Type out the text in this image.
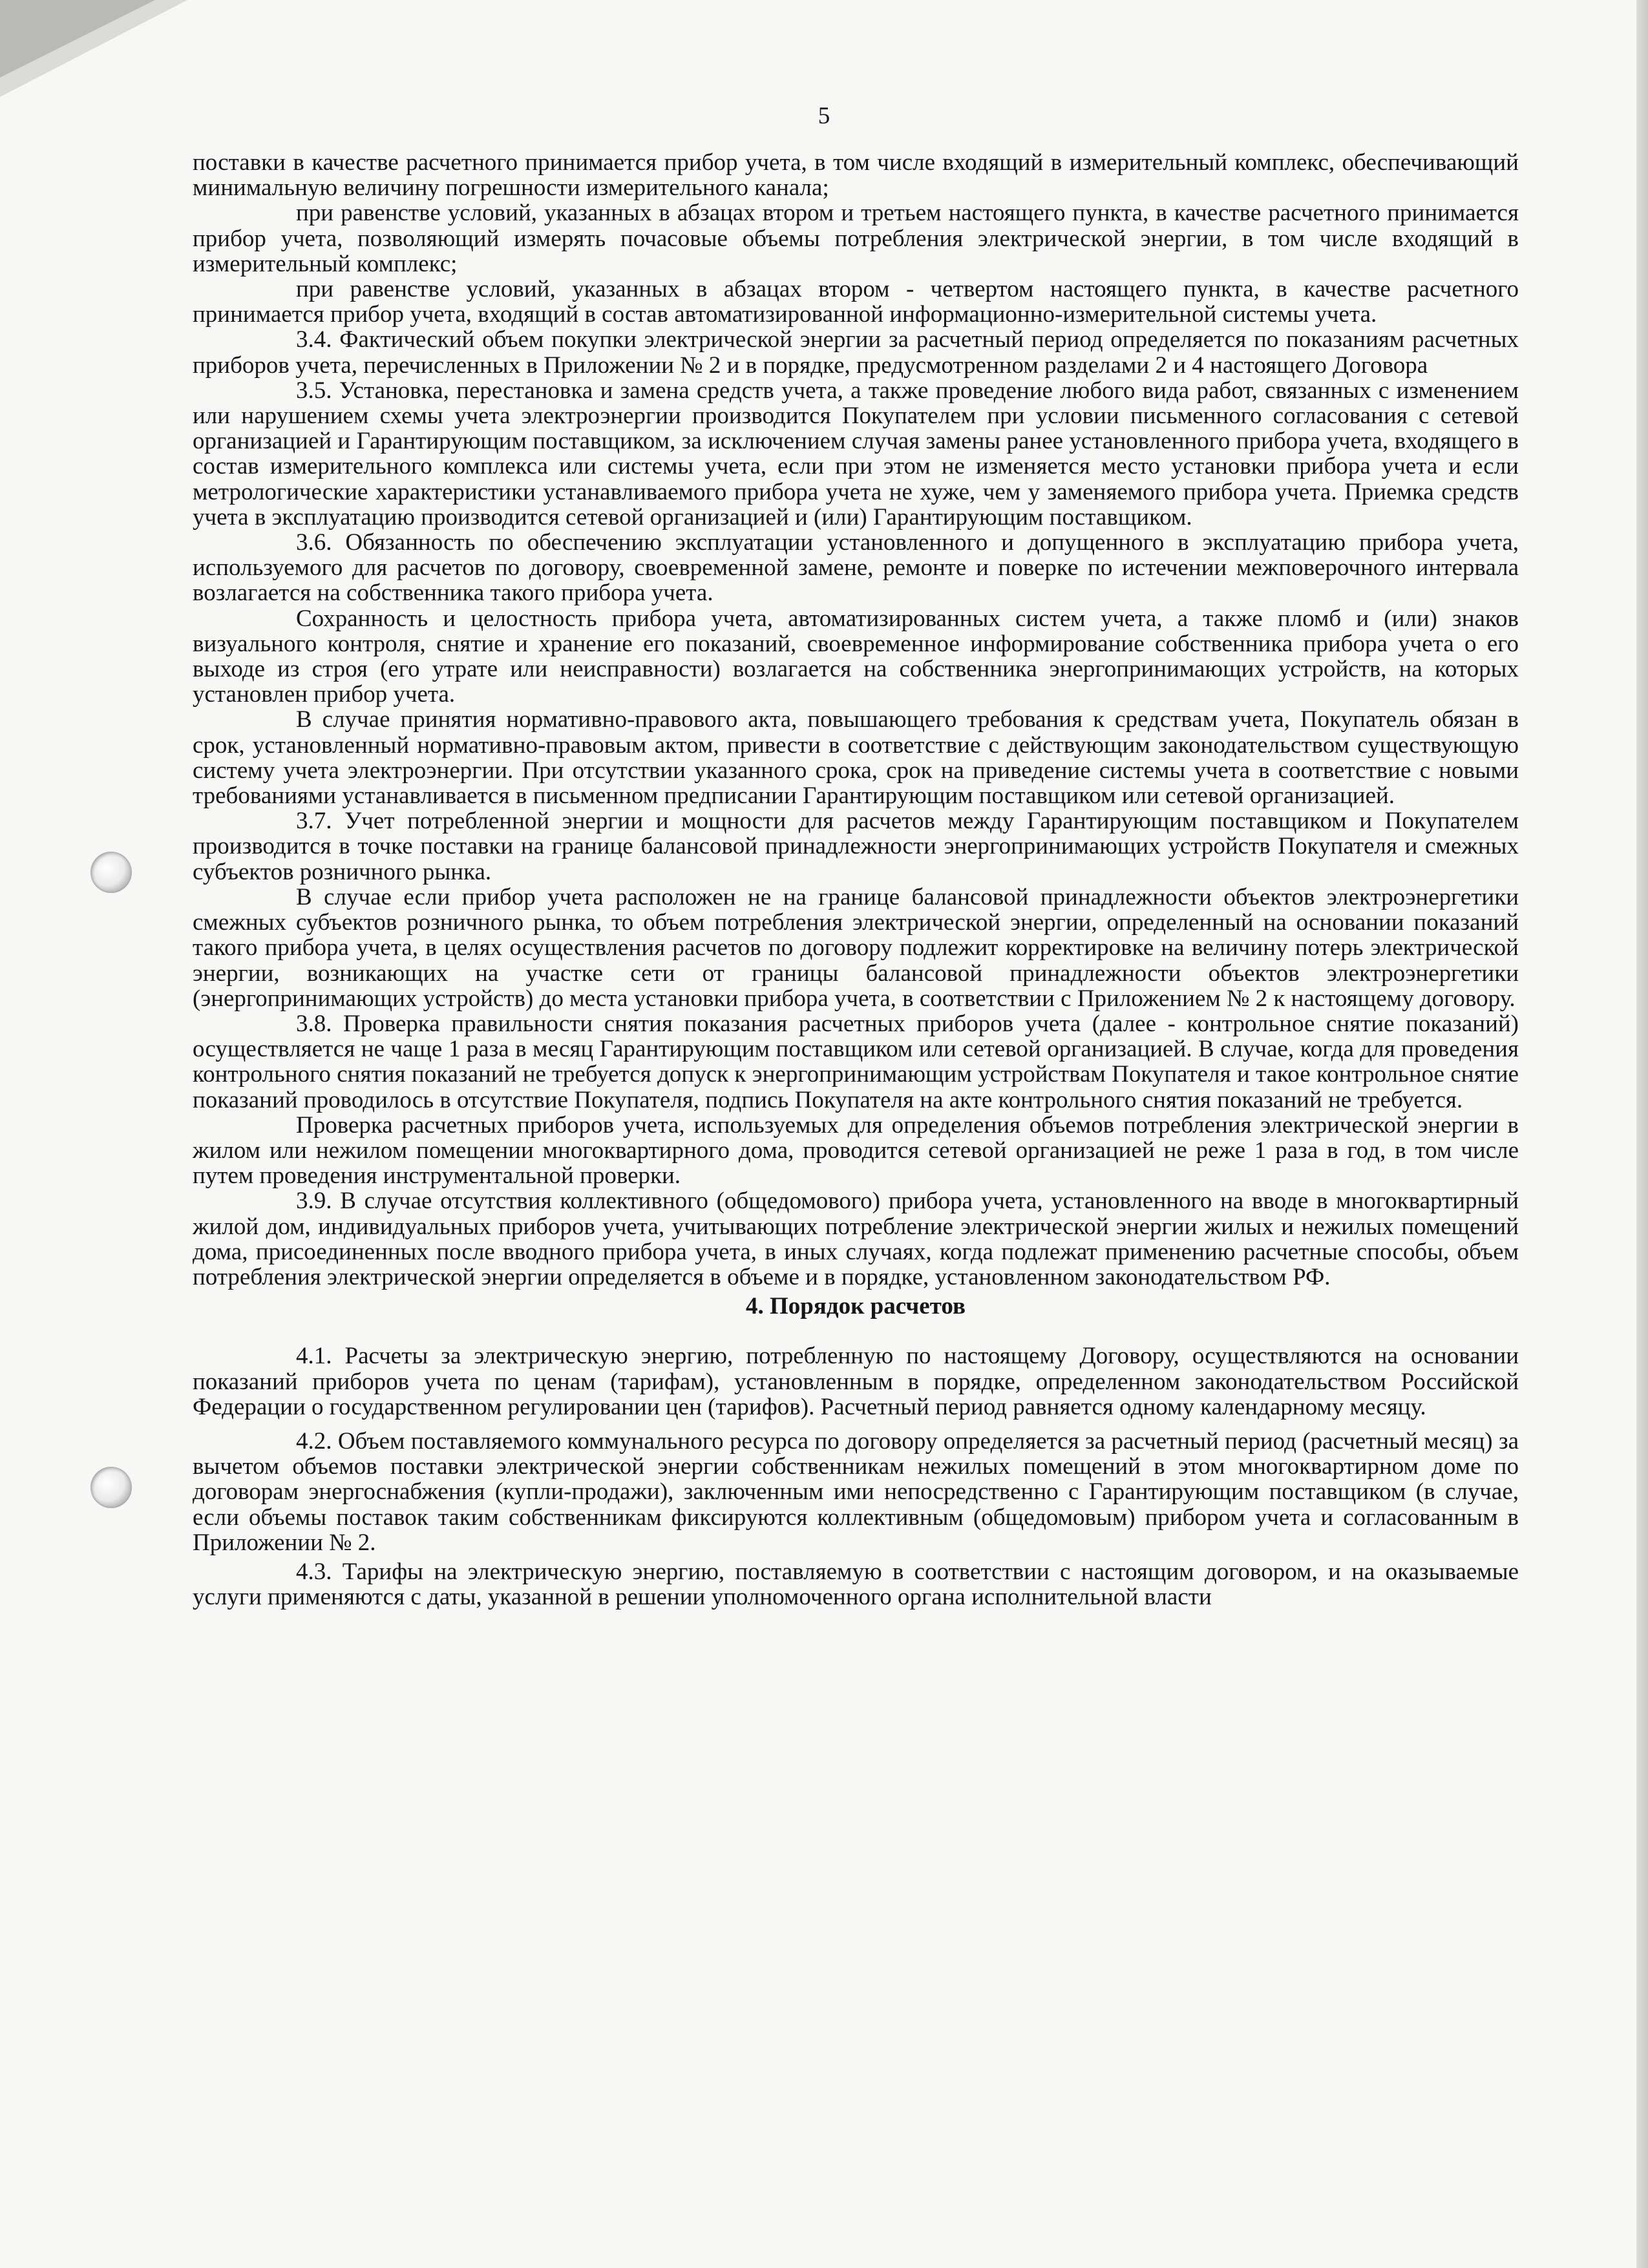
5

поставки в качестве расчетного принимается прибор учета, в том числе входящий в измерительный комплекс, обеспечивающий минимальную величину погрешности измерительного канала;

при равенстве условий, указанных в абзацах втором и третьем настоящего пункта, в качестве расчетного принимается прибор учета, позволяющий измерять почасовые объемы потребления электрической энергии, в том числе входящий в измерительный комплекс;

при равенстве условий, указанных в абзацах втором - четвертом настоящего пункта, в качестве расчетного принимается прибор учета, входящий в состав автоматизированной информационно-измерительной системы учета.

3.4. Фактический объем покупки электрической энергии за расчетный период определяется по показаниям расчетных приборов учета, перечисленных в Приложении № 2 и в порядке, предусмотренном разделами 2 и 4 настоящего Договора

3.5. Установка, перестановка и замена средств учета, а также проведение любого вида работ, связанных с изменением или нарушением схемы учета электроэнергии производится Покупателем при условии письменного согласования с сетевой организацией и Гарантирующим поставщиком, за исключением случая замены ранее установленного прибора учета, входящего в состав измерительного комплекса или системы учета, если при этом не изменяется место установки прибора учета и если метрологические характеристики устанавливаемого прибора учета не хуже, чем у заменяемого прибора учета. Приемка средств учета в эксплуатацию производится сетевой организацией и (или) Гарантирующим поставщиком.

3.6. Обязанность по обеспечению эксплуатации установленного и допущенного в эксплуатацию прибора учета, используемого для расчетов по договору, своевременной замене, ремонте и поверке по истечении межповерочного интервала возлагается на собственника такого прибора учета.

Сохранность и целостность прибора учета, автоматизированных систем учета, а также пломб и (или) знаков визуального контроля, снятие и хранение его показаний, своевременное информирование собственника прибора учета о его выходе из строя (его утрате или неисправности) возлагается на собственника энергопринимающих устройств, на которых установлен прибор учета.

В случае принятия нормативно-правового акта, повышающего требования к средствам учета, Покупатель обязан в срок, установленный нормативно-правовым актом, привести в соответствие с действующим законодательством существующую систему учета электроэнергии. При отсутствии указанного срока, срок на приведение системы учета в соответствие с новыми требованиями устанавливается в письменном предписании Гарантирующим поставщиком или сетевой организацией.

3.7. Учет потребленной энергии и мощности для расчетов между Гарантирующим поставщиком и Покупателем производится в точке поставки на границе балансовой принадлежности энергопринимающих устройств Покупателя и смежных субъектов розничного рынка.

В случае если прибор учета расположен не на границе балансовой принадлежности объектов электроэнергетики смежных субъектов розничного рынка, то объем потребления электрической энергии, определенный на основании показаний такого прибора учета, в целях осуществления расчетов по договору подлежит корректировке на величину потерь электрической энергии, возникающих на участке сети от границы балансовой принадлежности объектов электроэнергетики (энергопринимающих устройств) до места установки прибора учета, в соответствии с Приложением № 2 к настоящему договору.

3.8. Проверка правильности снятия показания расчетных приборов учета (далее - контрольное снятие показаний) осуществляется не чаще 1 раза в месяц Гарантирующим поставщиком или сетевой организацией. В случае, когда для проведения контрольного снятия показаний не требуется допуск к энергопринимающим устройствам Покупателя и такое контрольное снятие показаний проводилось в отсутствие Покупателя, подпись Покупателя на акте контрольного снятия показаний не требуется.

Проверка расчетных приборов учета, используемых для определения объемов потребления электрической энергии в жилом или нежилом помещении многоквартирного дома, проводится сетевой организацией не реже 1 раза в год, в том числе путем проведения инструментальной проверки.

3.9. В случае отсутствия коллективного (общедомового) прибора учета, установленного на вводе в многоквартирный жилой дом, индивидуальных приборов учета, учитывающих потребление электрической энергии жилых и нежилых помещений дома, присоединенных после вводного прибора учета, в иных случаях, когда подлежат применению расчетные способы, объем потребления электрической энергии определяется в объеме и в порядке, установленном законодательством РФ.

4. Порядок расчетов

4.1. Расчеты за электрическую энергию, потребленную по настоящему Договору, осуществляются на основании показаний приборов учета по ценам (тарифам), установленным в порядке, определенном законодательством Российской Федерации о государственном регулировании цен (тарифов). Расчетный период равняется одному календарному месяцу.

4.2. Объем поставляемого коммунального ресурса по договору определяется за расчетный период (расчетный месяц) за вычетом объемов поставки электрической энергии собственникам нежилых помещений в этом многоквартирном доме по договорам энергоснабжения (купли-продажи), заключенным ими непосредственно с Гарантирующим поставщиком (в случае, если объемы поставок таким собственникам фиксируются коллективным (общедомовым) прибором учета и согласованным в Приложении № 2.

4.3. Тарифы на электрическую энергию, поставляемую в соответствии с настоящим договором, и на оказываемые услуги применяются с даты, указанной в решении уполномоченного органа исполнительной власти
